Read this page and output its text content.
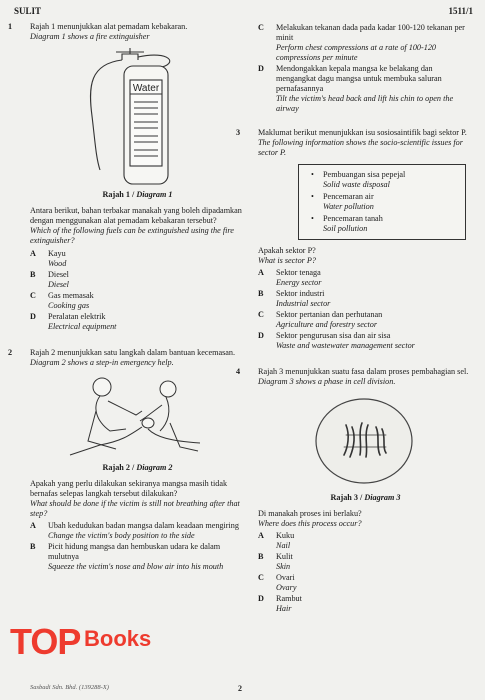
SULIT	1511/1
1 Rajah 1 menunjukkan alat pemadam kebakaran.
Diagram 1 shows a fire extinguisher
Water
Rajah 1 / Diagram 1
Antara berikut, bahan terbakar manakah yang boleh dipadamkan dengan menggunakan alat pemadam kebakaran tersebut?
Which of the following fuels can be extinguished using the fire extinguisher?
A Kayu
Wood
B Diesel
Diesel
C Gas memasak
Cooking gas
D Peralatan elektrik
Electrical equipment
2 Rajah 2 menunjukkan satu langkah dalam bantuan kecemasan.
Diagram 2 shows a step-in emergency help.
Rajah 2 / Diagram 2
Apakah yang perlu dilakukan sekiranya mangsa masih tidak bernafas selepas langkah tersebut dilakukan?
What should be done if the victim is still not breathing after that step?
A Ubah kedudukan badan mangsa dalam keadaan mengiring
Change the victim's body position to the side
B Picit hidung mangsa dan hembuskan udara ke dalam mulutnya
Squeeze the victim's nose and blow air into his mouth
C Melakukan tekanan dada pada kadar 100-120 tekanan per minit
Perform chest compressions at a rate of 100-120 compressions per minute
D Mendongakkan kepala mangsa ke belakang dan mengangkat dagu mangsa untuk membuka saluran pernafasannya
Tilt the victim's head back and lift his chin to open the airway
3 Maklumat berikut menunjukkan isu sosiosaintifik bagi sektor P.
The following information shows the socio-scientific issues for sector P.
• Pembuangan sisa pepejal
Solid waste disposal
• Pencemaran air
Water pollution
• Pencemaran tanah
Soil pollution
Apakah sektor P?
What is sector P?
A Sektor tenaga
Energy sector
B Sektor industri
Industrial sector
C Sektor pertanian dan perhutanan
Agriculture and forestry sector
D Sektor pengurusan sisa dan air sisa
Waste and wastewater management sector
4 Rajah 3 menunjukkan suatu fasa dalam proses pembahagian sel.
Diagram 3 shows a phase in cell division.
Rajah 3 / Diagram 3
Di manakah proses ini berlaku?
Where does this process occur?
A Kuku
Nail
B Kulit
Skin
C Ovari
Ovary
D Rambut
Hair
TOP Books
Sasbadi Sdn. Bhd. (139288-X)	2
